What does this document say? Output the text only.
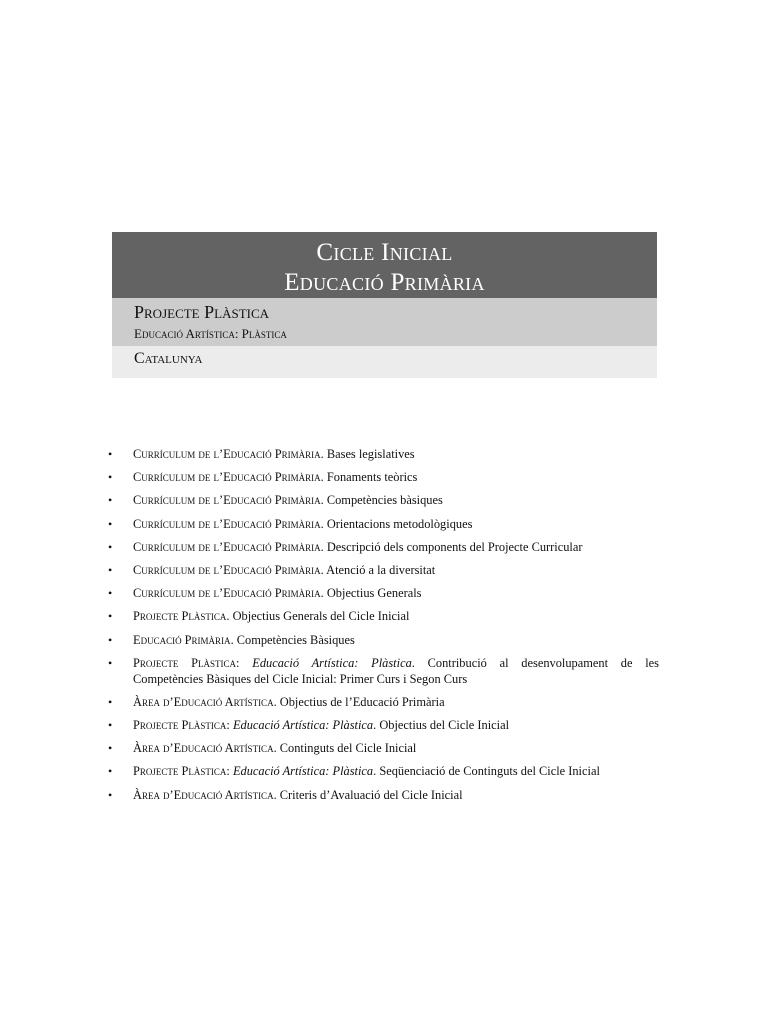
Cicle Inicial
Educació Primària
Projecte Plàstica
Educació Artística: Plàstica
Catalunya
• Currículum de l’Educació Primària. Bases legislatives
• Currículum de l’Educació Primària. Fonaments teòrics
• Currículum de l’Educació Primària. Competències bàsiques
• Currículum de l’Educació Primària. Orientacions metodològiques
• Currículum de l’Educació Primària. Descripció dels components del Projecte Curricular
• Currículum de l’Educació Primària. Atenció a la diversitat
• Currículum de l’Educació Primària. Objectius Generals
• Projecte Plàstica. Objectius Generals del Cicle Inicial
• Educació Primària. Competències Bàsiques
• Projecte Plàstica: Educació Artística: Plàstica. Contribució al desenvolupament de les
Competències Bàsiques del Cicle Inicial: Primer Curs i Segon Curs
• Àrea d’Educació Artística. Objectius de l’Educació Primària
• Projecte Plàstica: Educació Artística: Plàstica. Objectius del Cicle Inicial
• Àrea d’Educació Artística. Continguts del Cicle Inicial
• Projecte Plàstica: Educació Artística: Plàstica. Seqüenciació de Continguts del Cicle Inicial
• Àrea d’Educació Artística. Criteris d’Avaluació del Cicle Inicial
